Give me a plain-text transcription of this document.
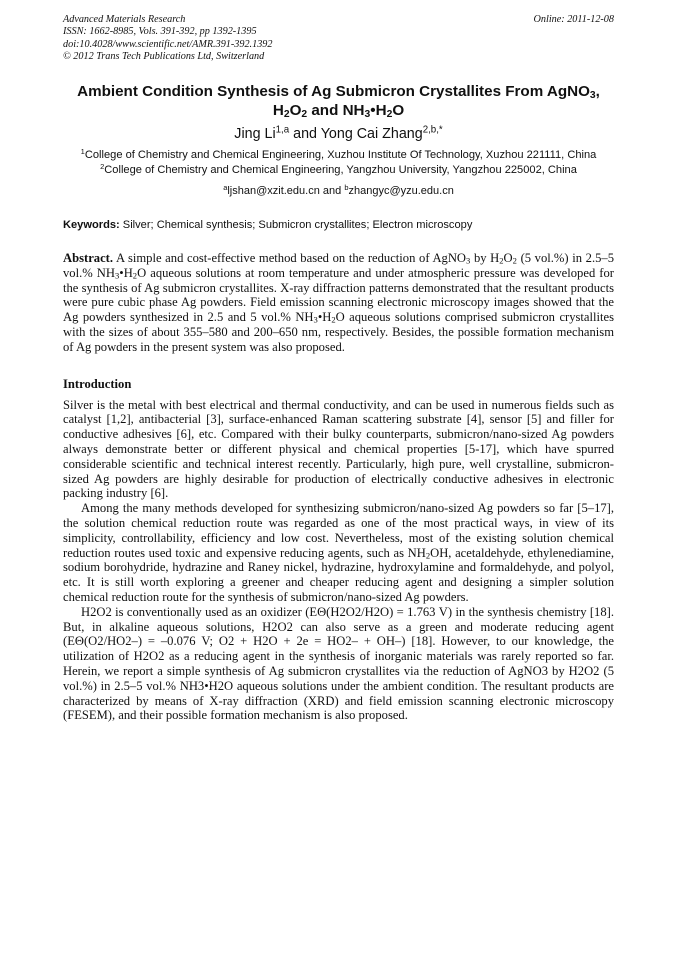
Advanced Materials Research
ISSN: 1662-8985, Vols. 391-392, pp 1392-1395
doi:10.4028/www.scientific.net/AMR.391-392.1392
© 2012 Trans Tech Publications Ltd, Switzerland
Online: 2011-12-08
Ambient Condition Synthesis of Ag Submicron Crystallites From AgNO$_3$,
$H_2O_2$ and $NH_3•H_2O$
Jing Li$^{1,a}$ and Yong Cai Zhang$^{2,b,*}$
$^1$College of Chemistry and Chemical Engineering, Xuzhou Institute Of Technology, Xuzhou 221111, China
$^2$College of Chemistry and Chemical Engineering, Yangzhou University, Yangzhou 225002, China
$^a$ljshan@xzit.edu.cn and $^b$zhangyc@yzu.edu.cn
Keywords: Silver; Chemical synthesis; Submicron crystallites; Electron microscopy

Abstract. A simple and cost-effective method based on the reduction of AgNO$_3$ by $H_2O_2$ (5 vol.%) in 2.5–5 vol.% $NH_3•H_2O$ aqueous solutions at room temperature and under atmospheric pressure was developed for the synthesis of Ag submicron crystallites. X-ray diffraction patterns demonstrated that the resultant products were pure cubic phase Ag powders. Field emission scanning electronic microscopy images showed that the Ag powders synthesized in 2.5 and 5 vol.% $NH_3•H_2O$ aqueous solutions comprised submicron crystallites with the sizes of about 355–580 and 200–650 nm, respectively. Besides, the possible formation mechanism of Ag powders in the present system was also proposed.

Introduction

Silver is the metal with best electrical and thermal conductivity, and can be used in numerous fields such as catalyst [1,2], antibacterial [3], surface-enhanced Raman scattering substrate [4], sensor [5] and filler for conductive adhesives [6], etc. Compared with their bulky counterparts, submicron/nano-sized Ag powders always demonstrate better or different physical and chemical properties [5-17], which have spurred considerable scientific and technical interest recently. Particularly, high pure, well crystalline, submicron-sized Ag powders are highly desirable for production of electrically conductive adhesives in electronic packing industry [6].

Among the many methods developed for synthesizing submicron/nano-sized Ag powders so far [5–17], the solution chemical reduction route was regarded as one of the most practical ways, in view of its simplicity, controllability, efficiency and low cost. Nevertheless, most of the existing solution chemical reduction routes used toxic and expensive reducing agents, such as $NH_2OH$, acetaldehyde, ethylenediamine, sodium borohydride, hydrazine and Raney nickel, hydrazine, hydroxylamine and formaldehyde, and polyol, etc. It is still worth exploring a greener and cheaper reducing agent and designing a simpler solution chemical reduction route for the synthesis of submicron/nano-sized Ag powders.

H2O2 is conventionally used as an oxidizer (EΘ(H2O2/H2O) = 1.763 V) in the synthesis chemistry [18]. But, in alkaline aqueous solutions, H2O2 can also serve as a green and moderate reducing agent (EΘ(O2/HO2–) = –0.076 V; O2 + H2O + 2e = HO2– + OH–) [18]. However, to our knowledge, the utilization of H2O2 as a reducing agent in the synthesis of inorganic materials was rarely reported so far. Herein, we report a simple synthesis of Ag submicron crystallites via the reduction of AgNO3 by H2O2 (5 vol.%) in 2.5–5 vol.% NH3•H2O aqueous solutions under the ambient condition. The resultant products are characterized by means of X-ray diffraction (XRD) and field emission scanning electronic microscopy (FESEM), and their possible formation mechanism is also proposed.
